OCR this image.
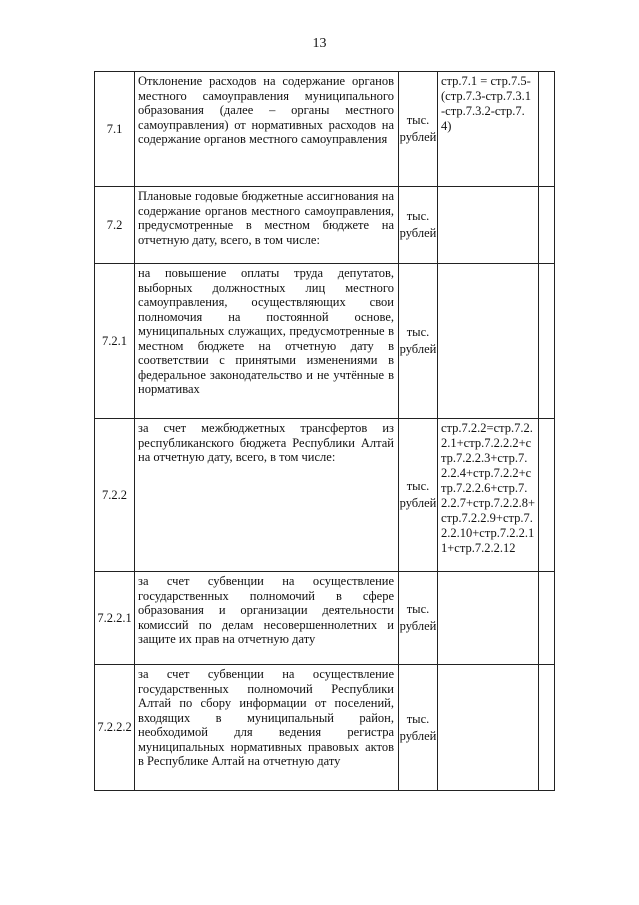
13
7.1	Отклонение расходов на содержание органов местного самоуправления муниципального образования (далее – органы местного самоуправления) от нормативных расходов на содержание органов местного самоуправления	тыс. рублей	стр.7.1 = стр.7.5-(стр.7.3-стр.7.3.1-стр.7.3.2-стр.7.4)	
7.2	Плановые годовые бюджетные ассигнования на содержание органов местного самоуправления, предусмотренные в местном бюджете на отчетную дату, всего, в том числе:	тыс. рублей		
7.2.1	на повышение оплаты труда депутатов, выборных должностных лиц местного самоуправления, осуществляющих свои полномочия на постоянной основе, муниципальных служащих, предусмотренные в местном бюджете на отчетную дату в соответствии с принятыми изменениями в федеральное законодательство и не учтённые в нормативах	тыс. рублей		
7.2.2	за счет межбюджетных трансфертов из республиканского бюджета Республики Алтай на отчетную дату, всего, в том числе:	тыс. рублей	стр.7.2.2=стр.7.2.2.1+стр.7.2.2.2+стр.7.2.2.3+стр.7.2.2.4+стр.7.2.2+стр.7.2.2.6+стр.7.2.2.7+стр.7.2.2.8+стр.7.2.2.9+стр.7.2.2.10+стр.7.2.2.11+стр.7.2.2.12	
7.2.2.1	за счет субвенции на осуществление государственных полномочий в сфере образования и организации деятельности комиссий по делам несовершеннолетних и защите их прав на отчетную дату	тыс. рублей		
7.2.2.2	за счет субвенции на осуществление государственных полномочий Республики Алтай по сбору информации от поселений, входящих в муниципальный район, необходимой для ведения регистра муниципальных нормативных правовых актов в Республике Алтай на отчетную дату	тыс. рублей		
